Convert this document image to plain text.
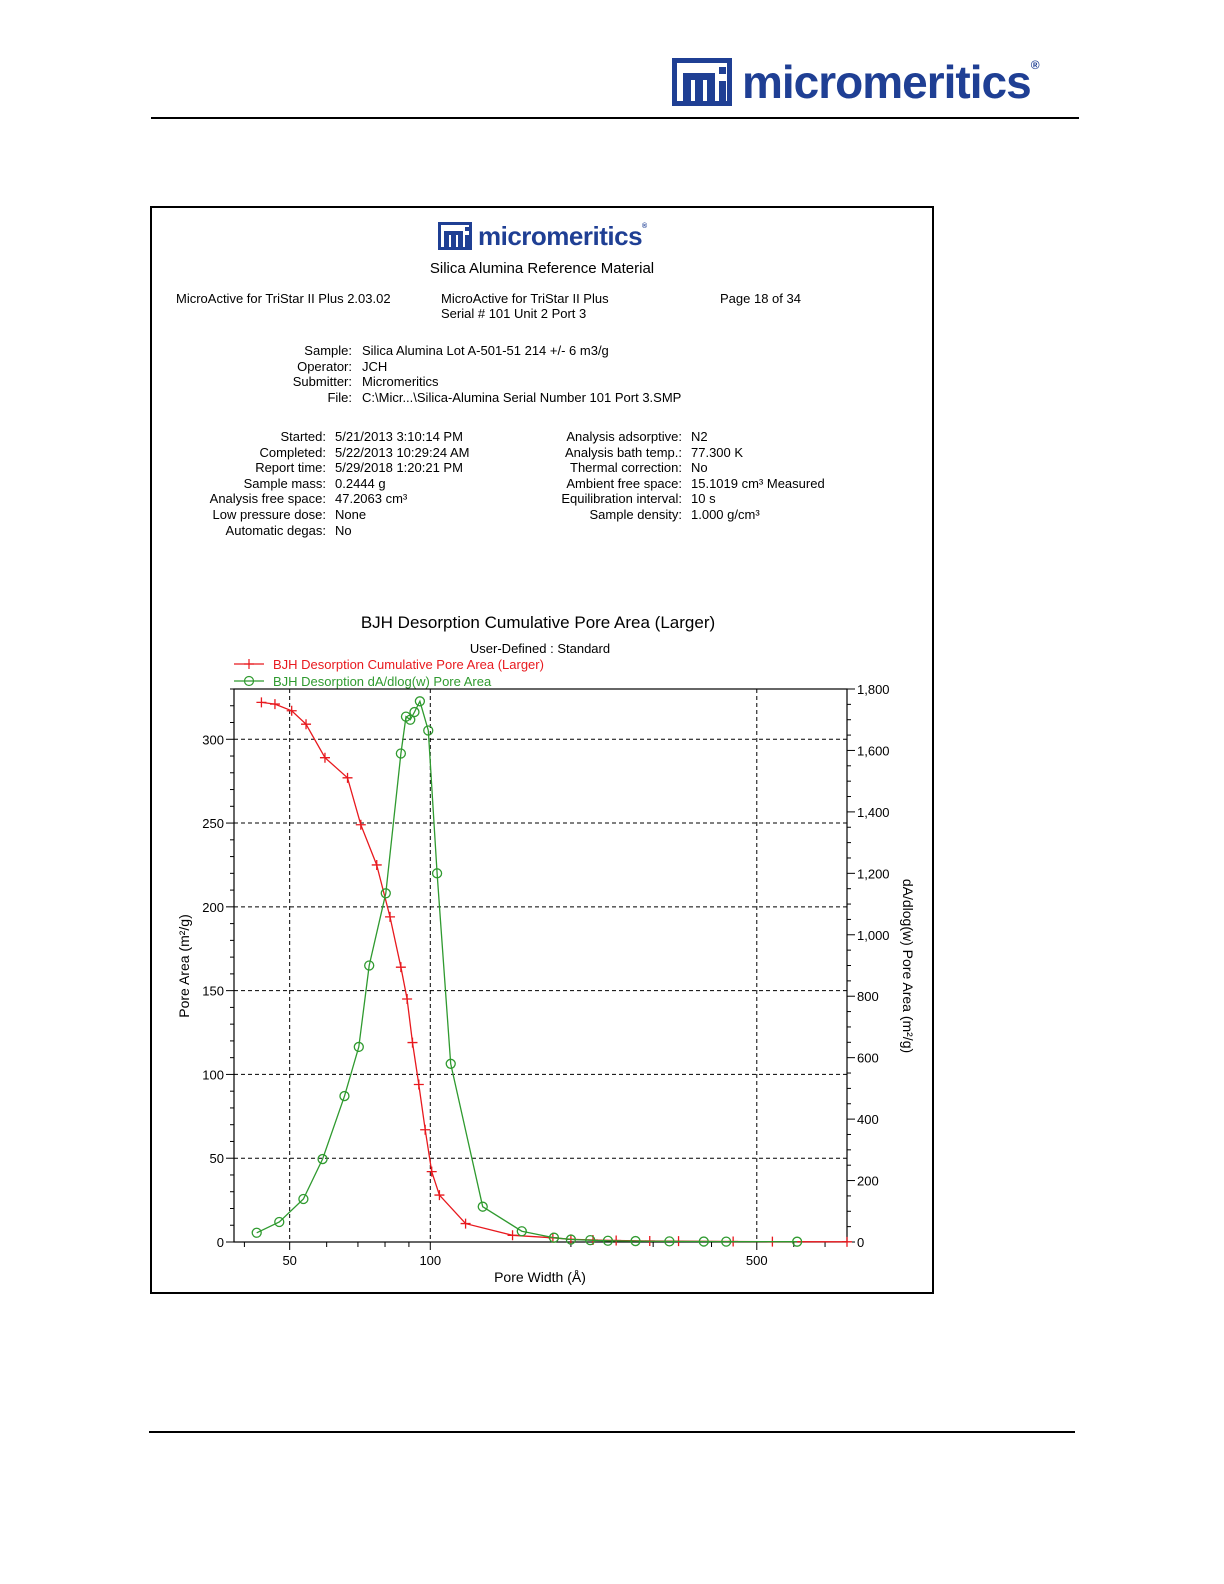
micromeritics®
micromeritics®
Silica Alumina Reference Material
MicroActive for TriStar II Plus 2.03.02	MicroActive for TriStar II Plus
Serial # 101 Unit 2 Port 3
Page 18 of 34
Sample: Silica Alumina Lot A-501-51 214 +/- 6 m3/g
Operator: JCH
Submitter: Micromeritics
File: C:\Micr...\Silica-Alumina Serial Number 101 Port 3.SMP
Started: 5/21/2013 3:10:14 PM
Completed: 5/22/2013 10:29:24 AM
Report time: 5/29/2018 1:20:21 PM
Sample mass: 0.2444 g
Analysis free space: 47.2063 cm³
Low pressure dose: None
Automatic degas: No
Analysis adsorptive: N2
Analysis bath temp.: 77.300 K
Thermal correction: No
Ambient free space: 15.1019 cm³ Measured
Equilibration interval: 10 s
Sample density: 1.000 g/cm³
BJH Desorption Cumulative Pore Area (Larger)
User-Defined : Standard
BJH Desorption Cumulative Pore Area (Larger)
BJH Desorption dA/dlog(w) Pore Area
0
50
100
150
200
250
300
0
200
400
600
800
1,000
1,200
1,400
1,600
1,800
50	100	500
Pore Width (Å)
Pore Area (m²/g)	dA/dlog(w) Pore Area (m²/g)
